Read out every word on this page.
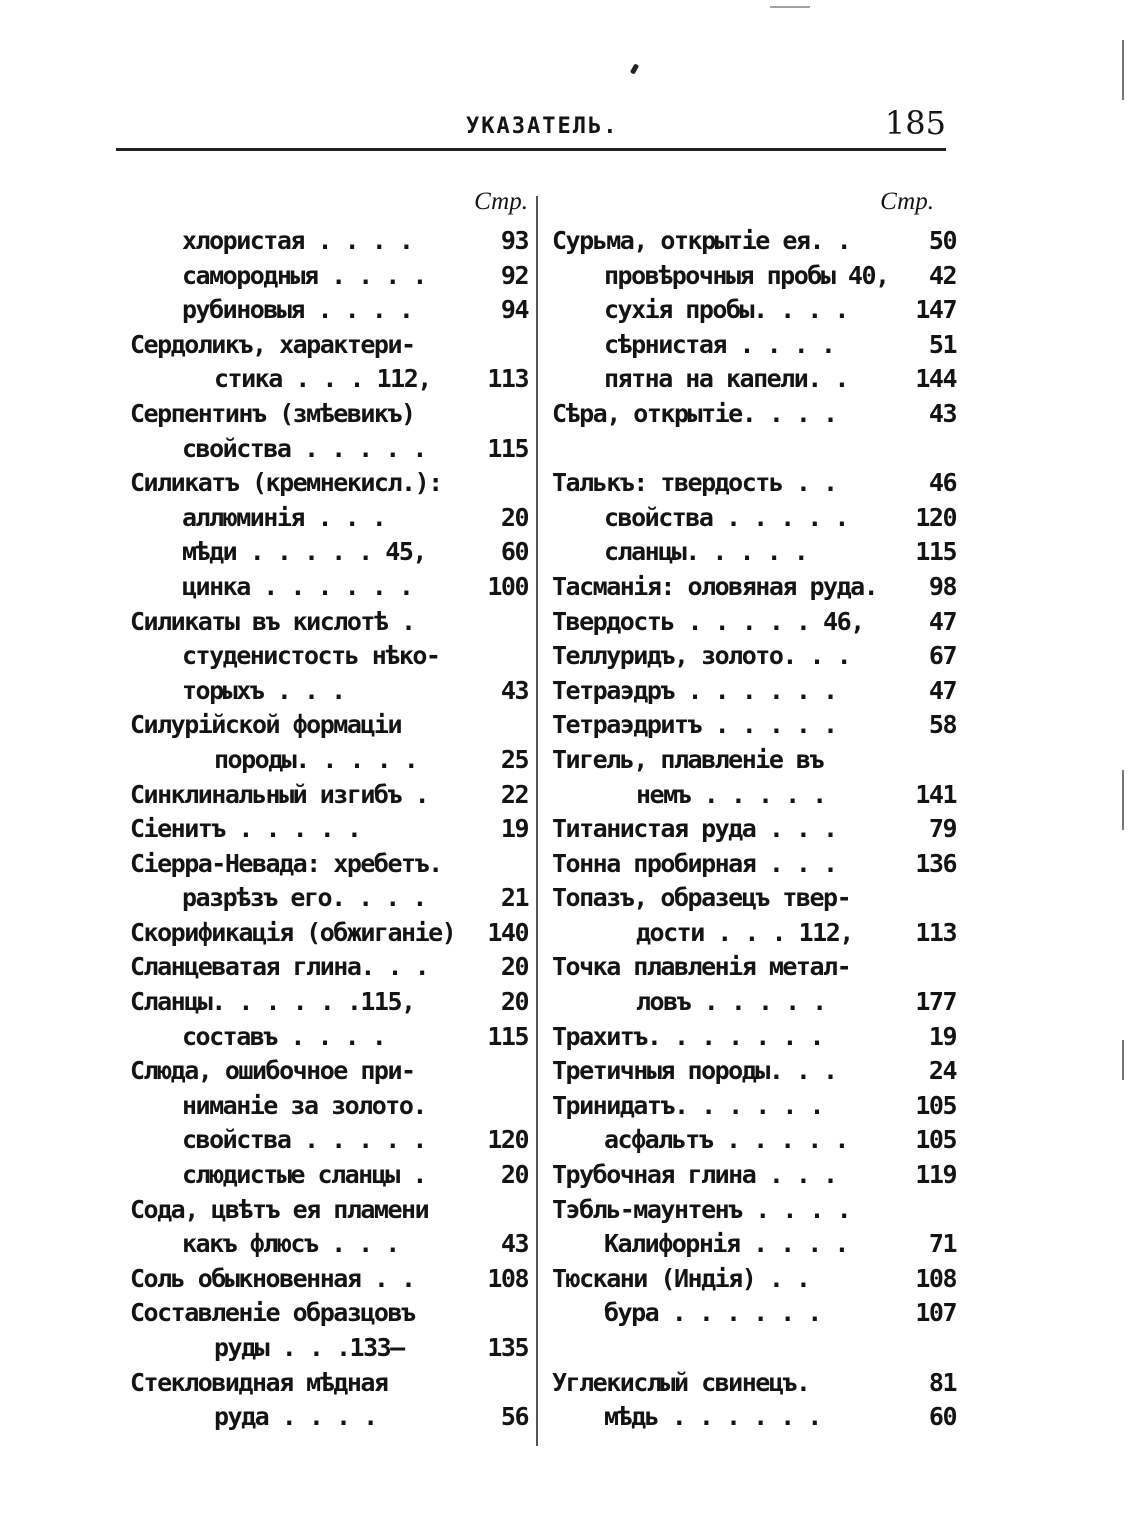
УКАЗАТЕЛЬ.	185
Стр.
хлористая . . . .	93
самородныя . . . .	92
рубиновыя . . . .	94
Сердоликъ, характери-
стика . . . 112, 113
Серпентинъ (змѣевикъ)
свойства . . . . . 115
Силикатъ (кремнекисл.):
аллюминія . . .	20
мѣди . . . . . 45,	60
цинка . . . . . .	100
Силикаты въ кислотѣ .
студенистость нѣко-
торыхъ . . .	43
Силурійской формаціи
породы. . . . .	25
Синклинальный изгибъ .	22
Сіенитъ . . . . .	19
Сіерра-Невада: хребетъ.
разрѣзъ его. . . .	21
Скорификація (обжиганіе) 140
Сланцеватая глина. . .	20
Сланцы. . . . . .115,	20
составъ . . . .	115
Слюда, ошибочное при-
ниманіе за золото.
свойства . . . . . 120
слюдистые сланцы .	20
Сода, цвѣтъ ея пламени
какъ флюсъ . . .	43
Соль обыкновенная . .	108
Составленіе образцовъ
руды . . .133—	135
Стекловидная мѣдная
руда . . . .	56
Стр.
Сурьма, открытіе ея. .	50
провѣрочныя пробы 40, 42
сухія пробы. . . .	147
сѣрнистая . . . .	51
пятна на капели. .	144
Сѣра, открытіе. . . .	43
Талькъ: твердость . .	46
свойства . . . . .	120
сланцы. . . . .	115
Тасманія: оловяная руда. 98
Твердость . . . . . 46,	47
Теллуридъ, золото. . .	67
Тетраэдръ . . . . . .	47
Тетраэдритъ . . . . .	58
Тигель, плавленіе въ
немъ . . . . .	141
Титанистая руда . . .	79
Тонна пробирная . . .	136
Топазъ, образецъ твер-
дости . . . 112,	113
Точка плавленія метал-
ловъ . . . . .	177
Трахитъ. . . . . . .	19
Третичныя породы. . .	24
Тринидатъ. . . . . .	105
асфальтъ . . . . .	105
Трубочная глина . . .	119
Тэбль-маунтенъ . . . .
Калифорнія . . . .	71
Тюскани (Индія) . .	108
бура . . . . . .	107
Углекислый свинецъ.	81
мѣдь . . . . . .	60
